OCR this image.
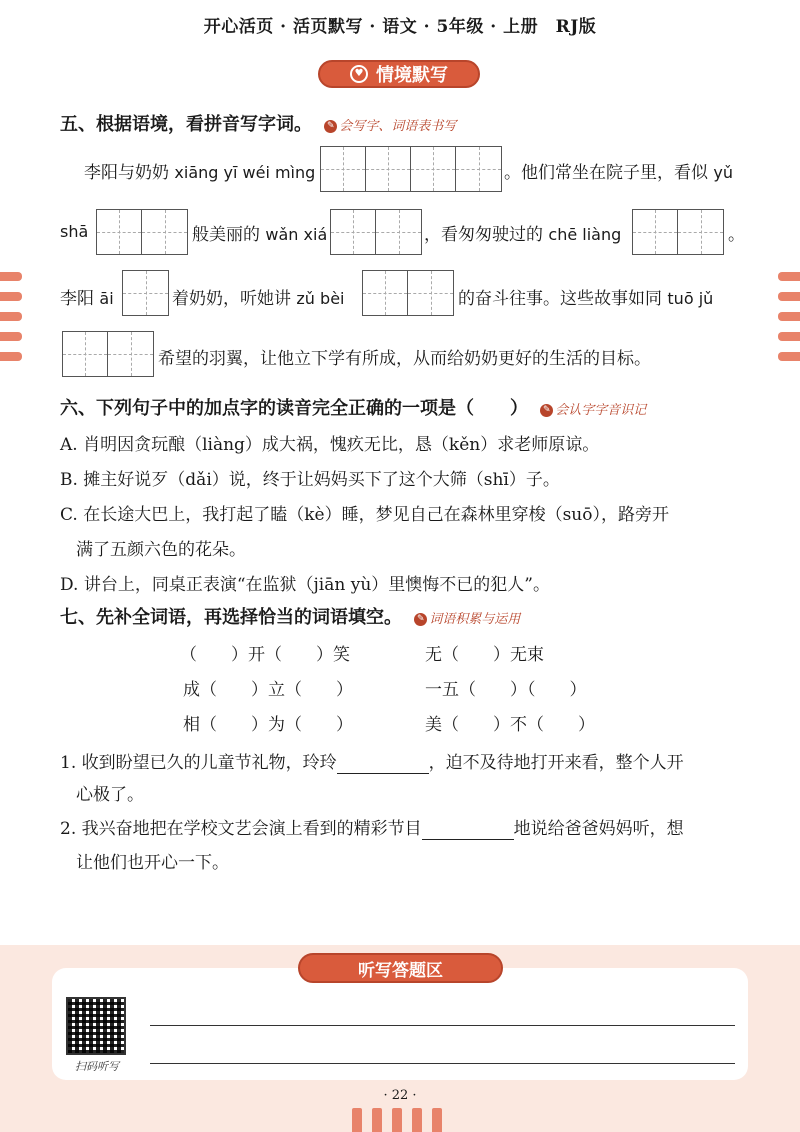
开心活页 · 活页默写 · 语文 · 5年级 · 上册　RJ版
♥ 情境默写
五、根据语境，看拼音写字词。 ✎ 会写字、词语表书写
李阳与奶奶 xiāng yī wéi mìng	。他们常坐在院子里，看似 yǔ
shā	般美丽的 wǎn xiá	，看匆匆驶过的 chē liàng	。
李阳 āi	着奶奶，听她讲 zǔ bèi	的奋斗往事。这些故事如同 tuō jǔ
希望的羽翼，让他立下学有所成，从而给奶奶更好的生活的目标。
六、下列句子中的加点字的读音完全正确的一项是（　　） ✎ 会认字字音识记
A. 肖明因贪玩酿（liàng）成大祸，愧疚无比，恳（kěn）求老师原谅。
B. 摊主好说歹（dǎi）说，终于让妈妈买下了这个大筛（shī）子。
C. 在长途大巴上，我打起了瞌（kè）睡，梦见自己在森林里穿梭（suō），路旁开
满了五颜六色的花朵。
D. 讲台上，同桌正表演“在监狱（jiān yù）里懊悔不已的犯人”。
七、先补全词语，再选择恰当的词语填空。 ✎ 词语积累与运用
（　　）开（　　）笑	无（　　）无束
成（　　）立（　　）	一五（　　）（　　）
相（　　）为（　　）	美（　　）不（　　）
1. 收到盼望已久的儿童节礼物，玲玲	，迫不及待地打开来看，整个人开
心极了。
2. 我兴奋地把在学校文艺会演上看到的精彩节目	地说给爸爸妈妈听，想
让他们也开心一下。
听写答题区
扫码听写
· 22 ·
